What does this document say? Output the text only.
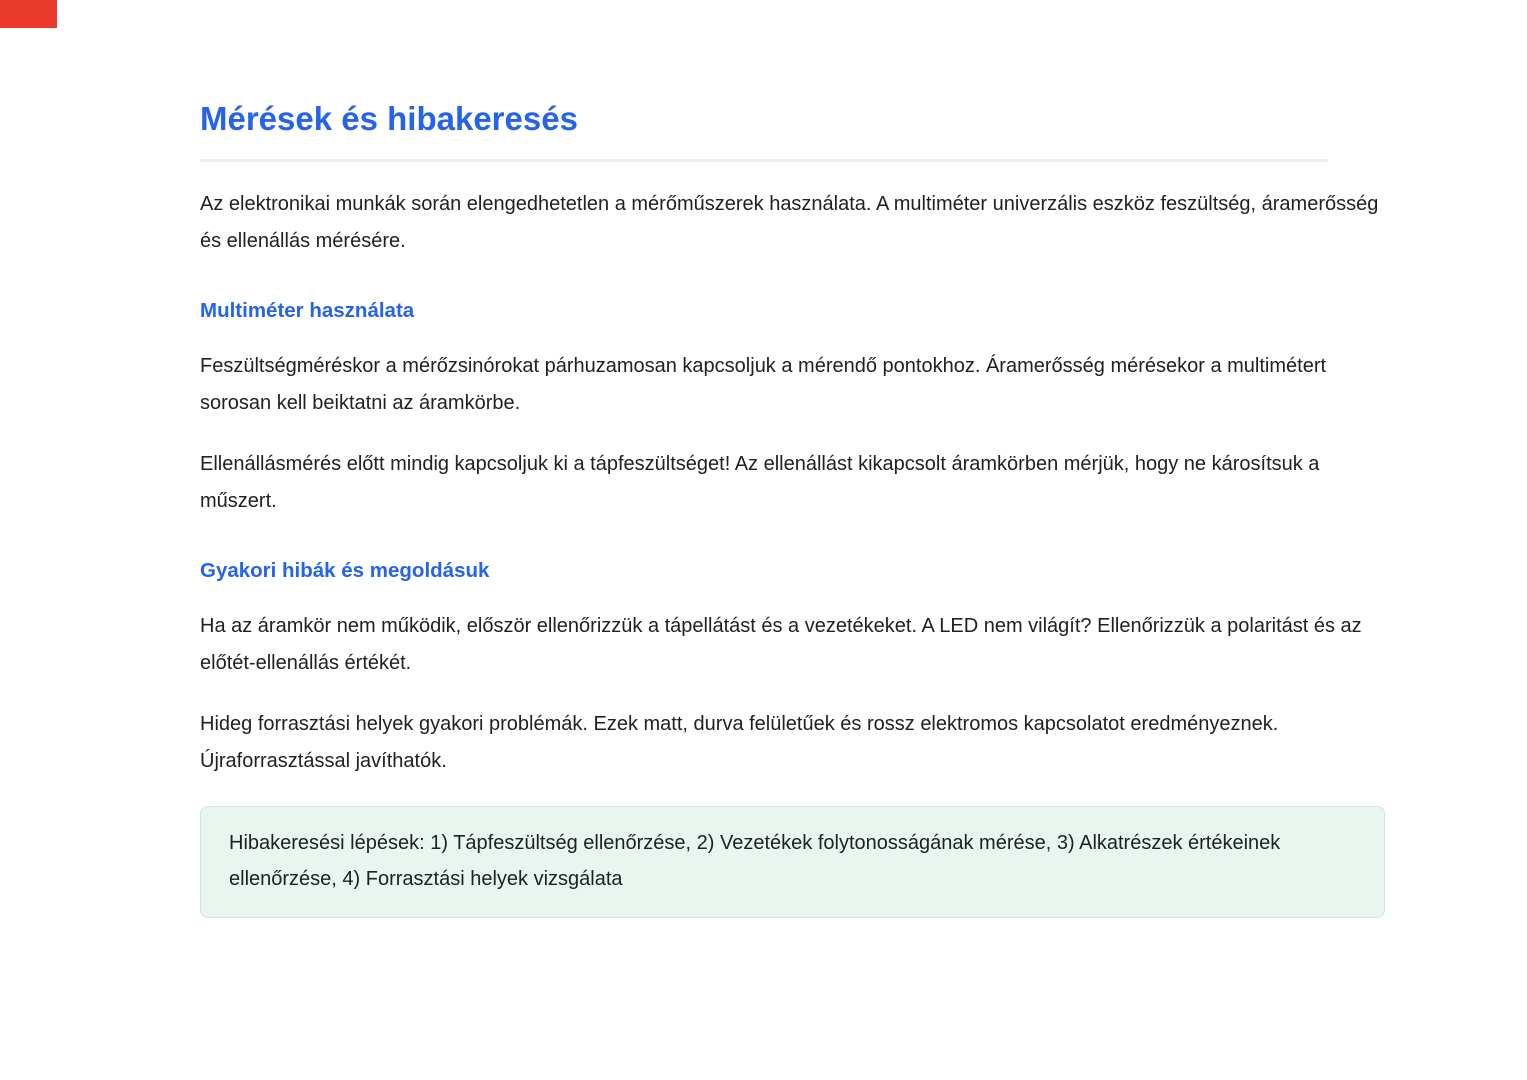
Mérések és hibakeresés

Az elektronikai munkák során elengedhetetlen a mérőműszerek használata. A multiméter univerzális eszköz feszültség, áramerősség és ellenállás mérésére.

Multiméter használata

Feszültségméréskor a mérőzsinórokat párhuzamosan kapcsoljuk a mérendő pontokhoz. Áramerősség mérésekor a multimétert sorosan kell beiktatni az áramkörbe.

Ellenállásmérés előtt mindig kapcsoljuk ki a tápfeszültséget! Az ellenállást kikapcsolt áramkörben mérjük, hogy ne károsítsuk a műszert.

Gyakori hibák és megoldásuk

Ha az áramkör nem működik, először ellenőrizzük a tápellátást és a vezetékeket. A LED nem világít? Ellenőrizzük a polaritást és az előtét-ellenállás értékét.

Hideg forrasztási helyek gyakori problémák. Ezek matt, durva felületűek és rossz elektromos kapcsolatot eredményeznek. Újraforrasztással javíthatók.

Hibakeresési lépések: 1) Tápfeszültség ellenőrzése, 2) Vezetékek folytonosságának mérése, 3) Alkatrészek értékeinek ellenőrzése, 4) Forrasztási helyek vizsgálata
